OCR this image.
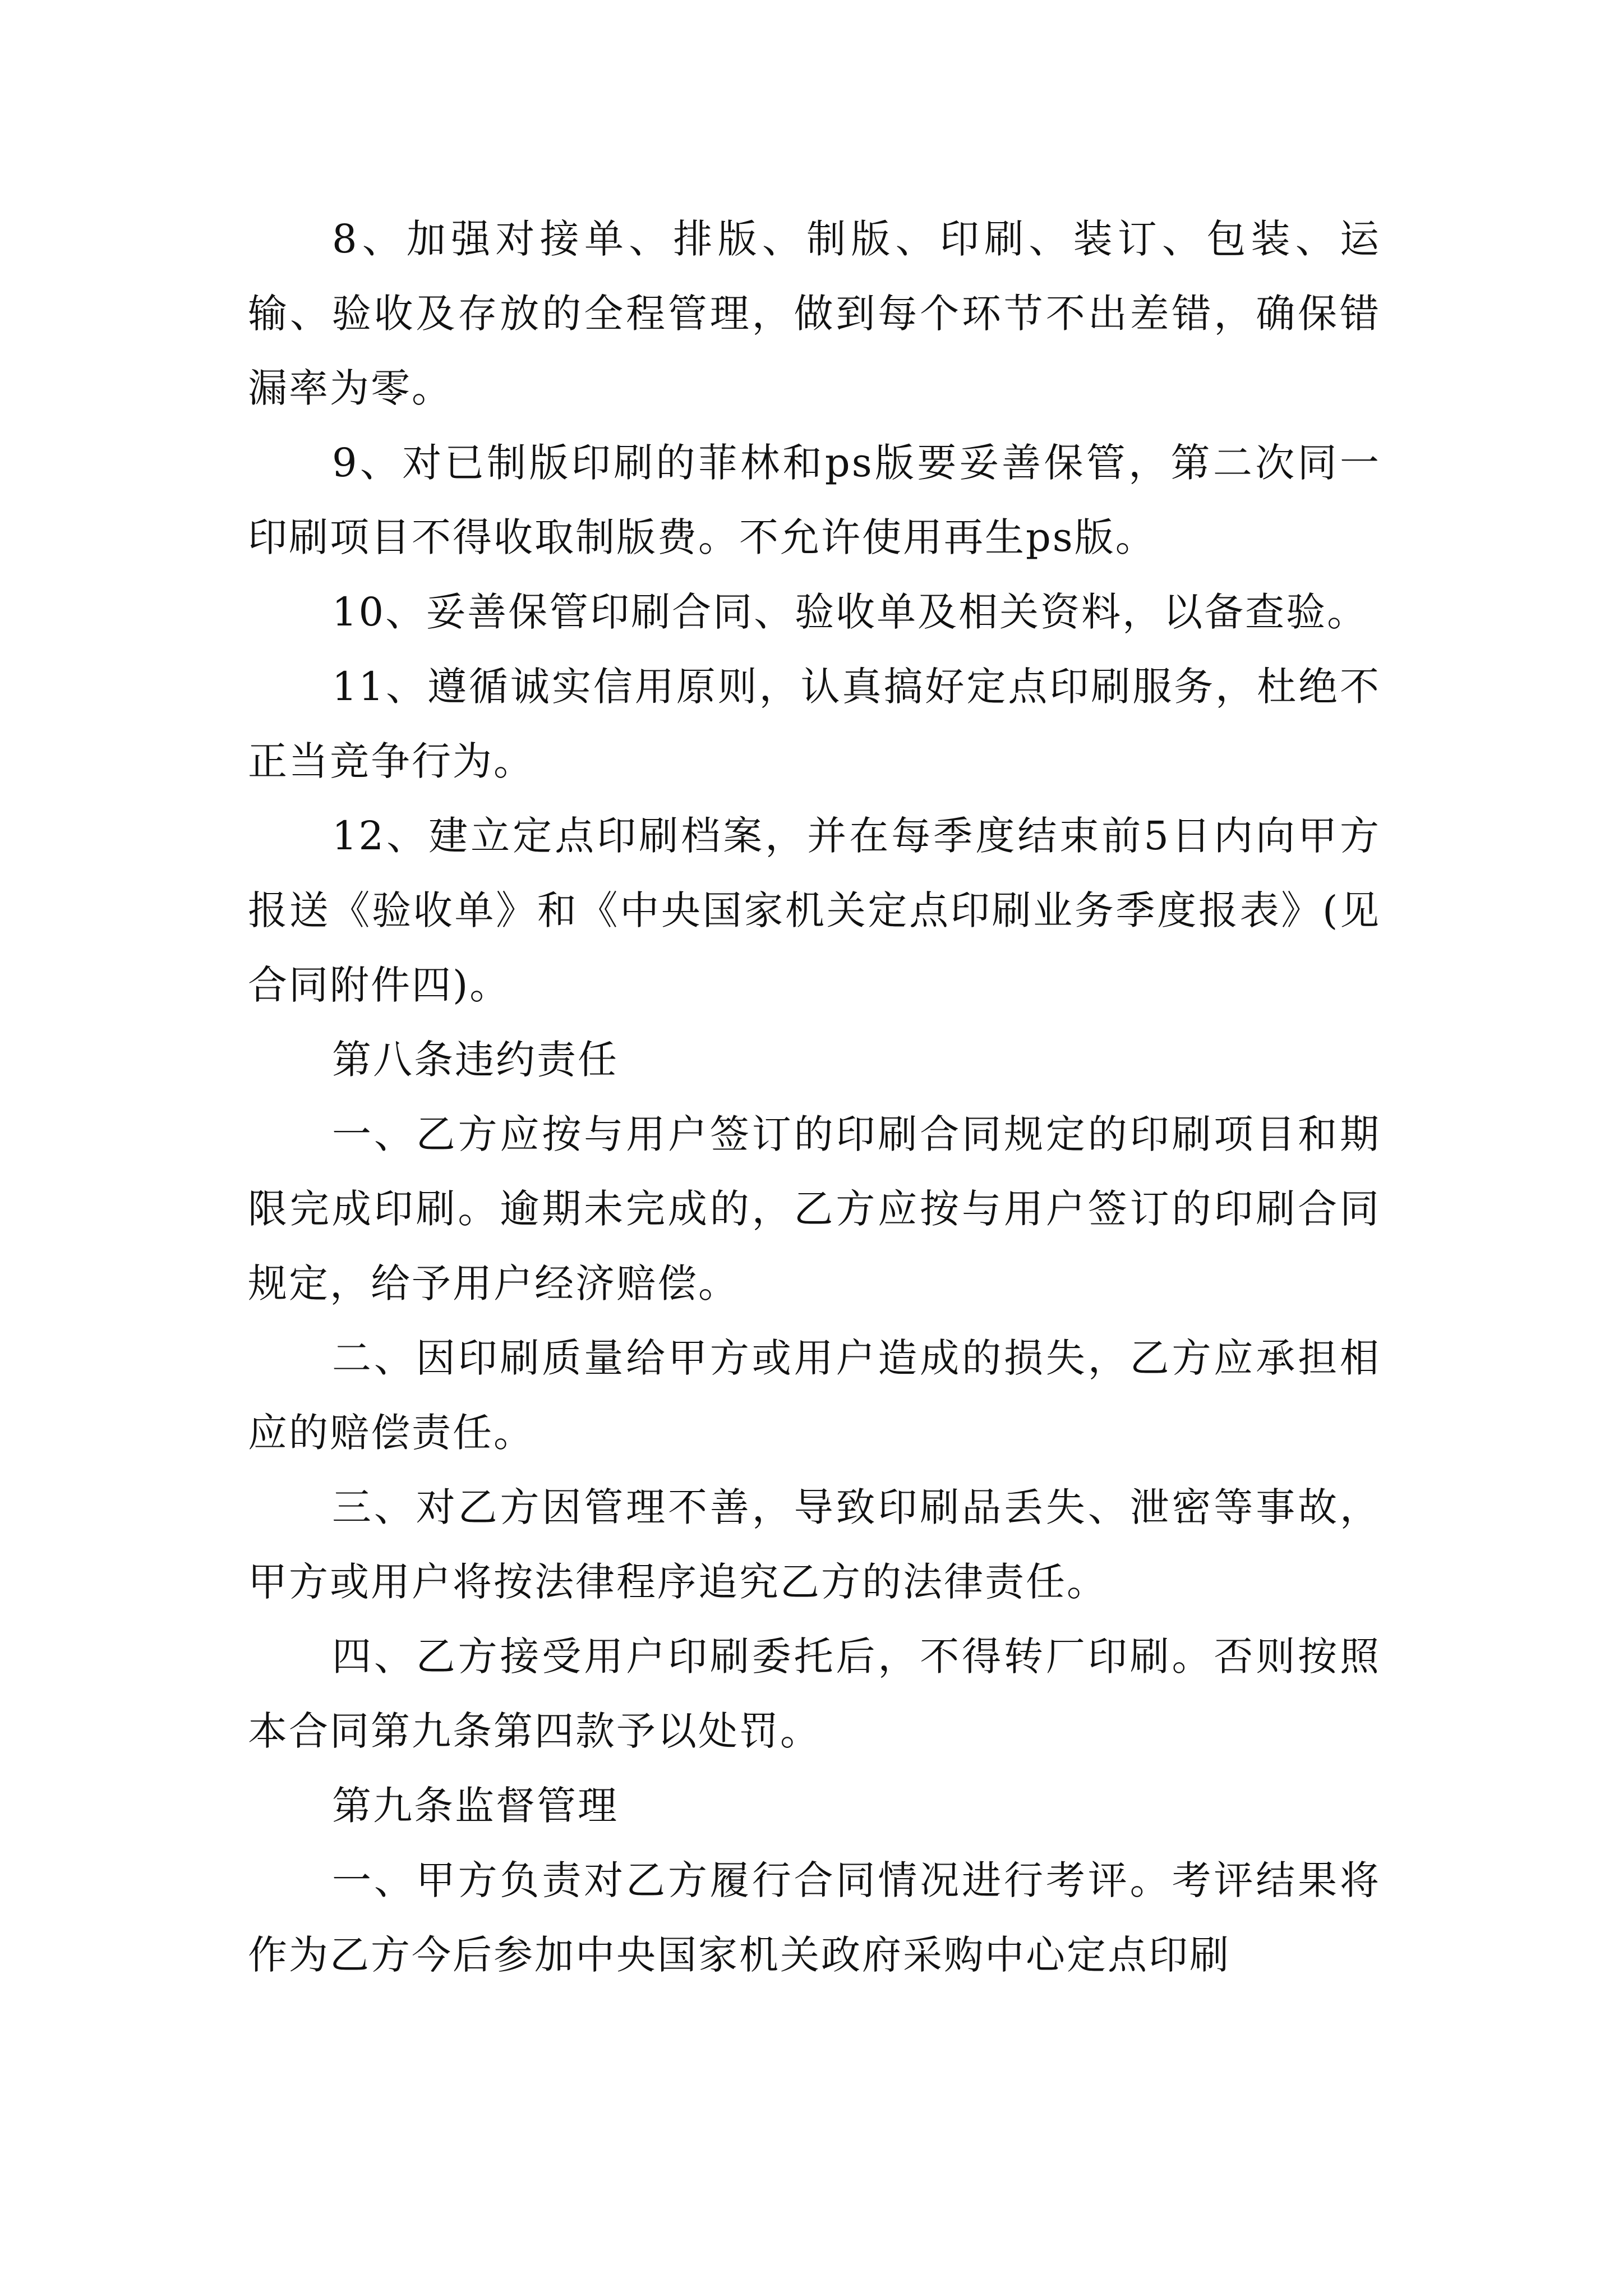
8、加强对接单、排版、制版、印刷、装订、包装、运输、验收及存放的全程管理，做到每个环节不出差错，确保错漏率为零。

9、对已制版印刷的菲林和ps版要妥善保管，第二次同一印刷项目不得收取制版费。不允许使用再生ps版。

10、妥善保管印刷合同、验收单及相关资料，以备查验。

11、遵循诚实信用原则，认真搞好定点印刷服务，杜绝不正当竞争行为。

12、建立定点印刷档案，并在每季度结束前5日内向甲方报送《验收单》和《中央国家机关定点印刷业务季度报表》(见合同附件四)。

第八条违约责任

一、乙方应按与用户签订的印刷合同规定的印刷项目和期限完成印刷。逾期未完成的，乙方应按与用户签订的印刷合同规定，给予用户经济赔偿。

二、因印刷质量给甲方或用户造成的损失，乙方应承担相应的赔偿责任。

三、对乙方因管理不善，导致印刷品丢失、泄密等事故，甲方或用户将按法律程序追究乙方的法律责任。

四、乙方接受用户印刷委托后，不得转厂印刷。否则按照本合同第九条第四款予以处罚。

第九条监督管理

一、甲方负责对乙方履行合同情况进行考评。考评结果将作为乙方今后参加中央国家机关政府采购中心定点印刷
